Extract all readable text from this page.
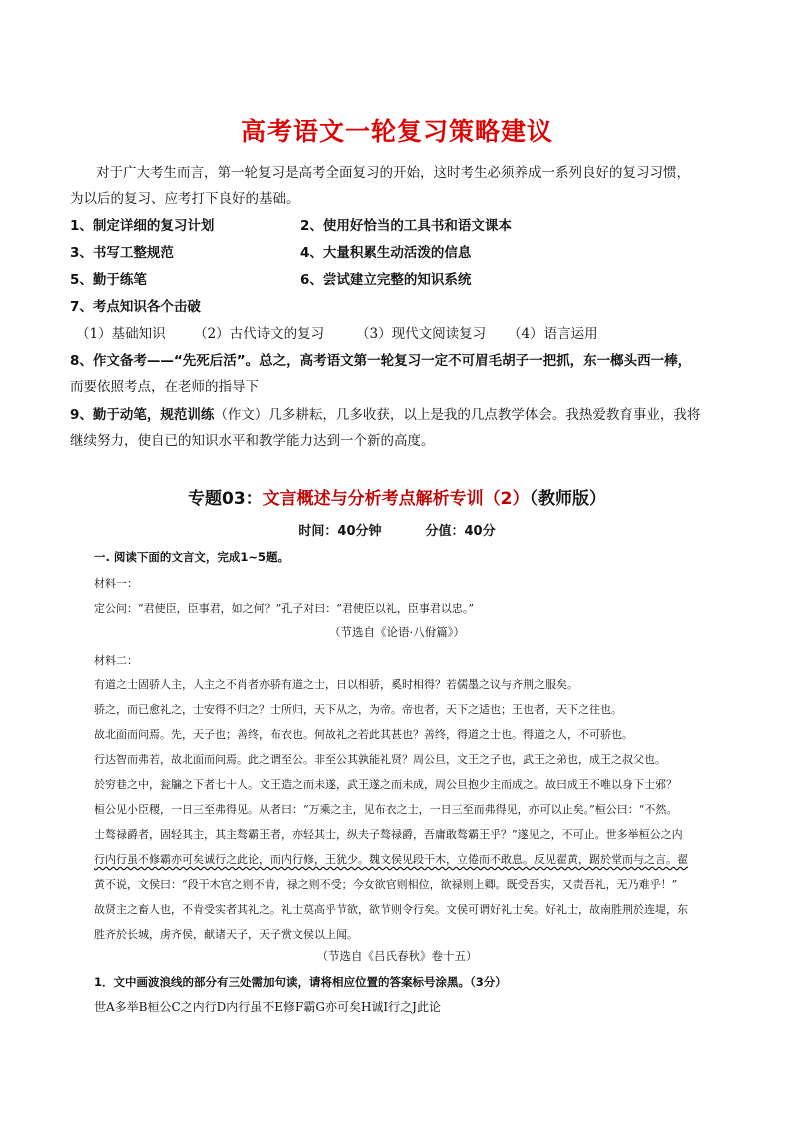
高考语文一轮复习策略建议
对于广大考生而言，第一轮复习是高考全面复习的开始，这时考生必须养成一系列良好的复习习惯，
为以后的复习、应考打下良好的基础。
1、制定详细的复习计划	2、使用好恰当的工具书和语文课本
3、书写工整规范	4、大量积累生动活泼的信息
5、勤于练笔	6、尝试建立完整的知识系统
7、考点知识各个击破
（1）基础知识 （2）古代诗文的复习 （3）现代文阅读复习 （4）语言运用
8、作文备考——“先死后活”。总之，高考语文第一轮复习一定不可眉毛胡子一把抓，东一榔头西一棒，
而要依照考点，在老师的指导下
9、勤于动笔，规范训练（作文）几多耕耘，几多收获，以上是我的几点教学体会。我热爱教育事业，我将
继续努力，使自已的知识水平和教学能力达到一个新的高度。
专题03：文言概述与分析考点解析专训（2）（教师版）
时间：40分钟	分值：40分
一. 阅读下面的文言文，完成1~5题。
材料一：
定公问：“君使臣，臣事君，如之何？”孔子对曰：“君使臣以礼，臣事君以忠。”
（节选自《论语·八佾篇》）
材料二：
有道之士固骄人主，人主之不肖者亦骄有道之士，日以相骄，奚时相得？若儒墨之议与齐荆之服矣。
骄之，而已愈礼之，士安得不归之？士所归，天下从之，为帝。帝也者，天下之适也；王也者，天下之往也。
故北面而问焉。先，天子也；善终，布衣也。何故礼之若此其甚也？善终，得道之士也。得道之人，不可骄也。
行达智而弗若，故北面而问焉。此之谓至公。非至公其孰能礼贤？周公旦，文王之子也，武王之弟也，成王之叔父也。
於穷巷之中，瓮牖之下者七十人。文王造之而未遂，武王遂之而未成，周公旦抱少主而成之。故曰成王不唯以身下士邪？
桓公见小臣稷，一日三至弗得见。从者曰：“万乘之主，见布衣之士，一日三至而弗得见，亦可以止矣。”桓公曰：“不然。
士骜禄爵者，固轻其主，其主骜霸王者，亦轻其士，纵夫子骜禄爵，吾庸敢骜霸王乎？”遂见之，不可止。世多举桓公之内
行内行虽不修霸亦可矣诚行之此论，而内行修，王犹少。魏文侯见段干木，立倦而不敢息。反见翟黄，踞於堂而与之言。翟
黄不说，文侯曰：“段干木官之则不肯，禄之则不受；今女欲官则相位，欲禄则上卿。既受吾实，又责吾礼，无乃难乎！”
故贤主之畜人也，不肯受实者其礼之。礼士莫高乎节欲，欲节则令行矣。文侯可谓好礼士矣。好礼士，故南胜荆於连堤，东
胜齐於长城，虏齐侯，献诸天子，天子赏文侯以上闻。
（节选自《吕氏春秋》卷十五）
1．文中画波浪线的部分有三处需加句读，请将相应位置的答案标号涂黑。（3分）
世A多举B桓公C之内行D内行虽不E修F霸G亦可矣H诚I行之J此论
